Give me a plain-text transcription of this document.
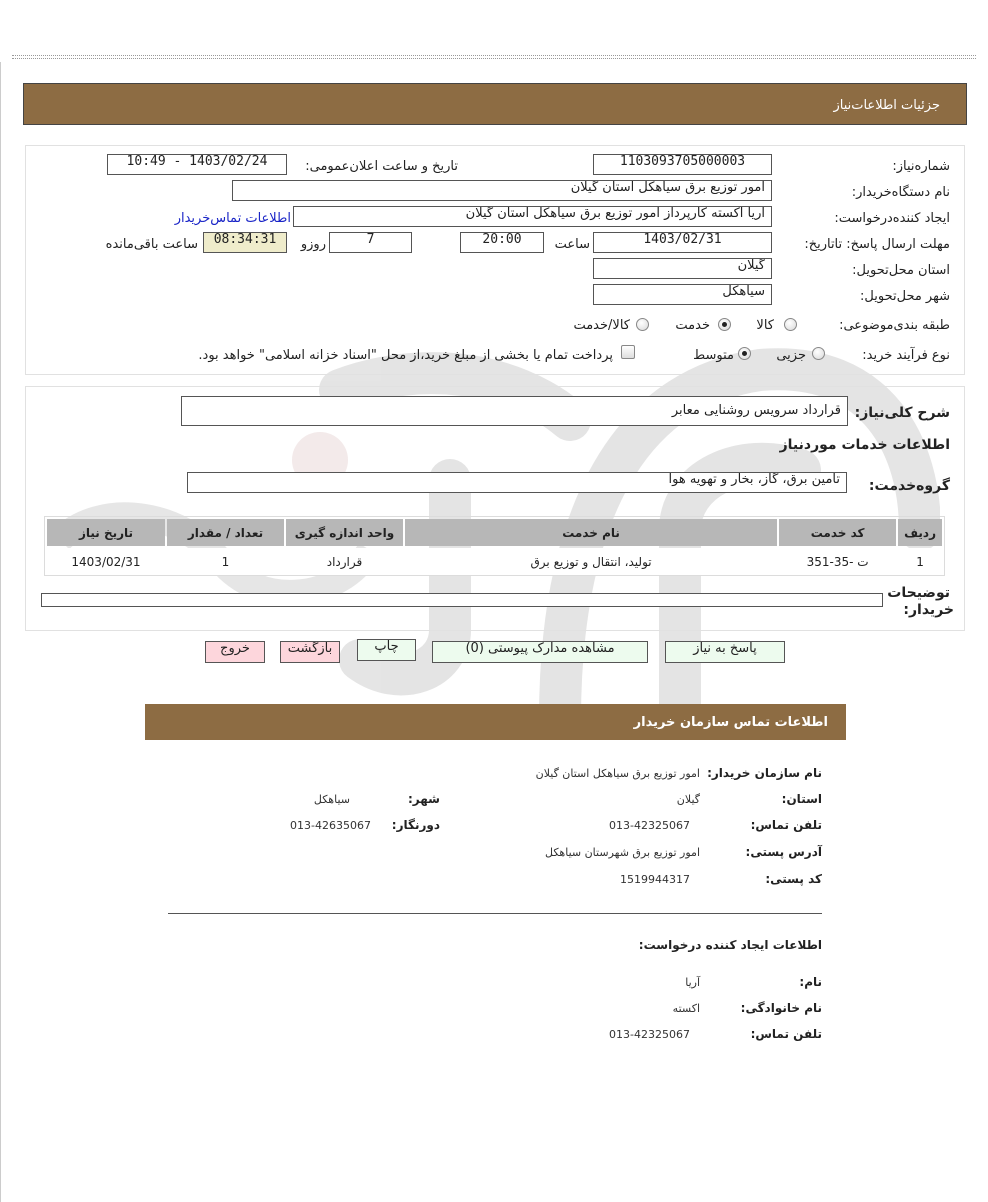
جزئیات اطلاعات‌نیاز
شماره‌نیاز:
1103093705000003
تاریخ و ساعت اعلان‌عمومی:
1403/02/24 - 10:49
نام دستگاه‌خریدار:
امور توزیع برق سیاهکل استان گیلان
ایجاد کننده‌درخواست:
آریا اکسته کارپرداز امور توزیع برق سیاهکل استان گیلان
اطلاعات تماس‌خریدار
مهلت ارسال پاسخ: تاتاریخ:
1403/02/31
ساعت
20:00
7
روزو
08:34:31
ساعت باقی‌مانده
استان محل‌تحویل:
گیلان
شهر محل‌تحویل:
سیاهکل
طبقه بندی‌موضوعی:
کالا
خدمت
کالا/خدمت
نوع فرآیند خرید:
جزیی
متوسط
پرداخت تمام یا بخشی از مبلغ خرید،از محل "اسناد خزانه اسلامی" خواهد بود.
شرح کلی‌نیاز:
قرارداد سرویس روشنایی معابر
اطلاعات خدمات مورد‌نیاز
گروه‌خدمت:
تامین برق، گاز، بخار و تهویه هوا
ردیف	کد خدمت	نام خدمت	واحد اندازه گیری	تعداد / مقدار	تاریخ نیاز
1	ت -35-351	تولید، انتقال و توزیع برق	قرارداد	1	1403/02/31
توضیحات
خریدار:
پاسخ به نیاز
مشاهده مدارک پیوستی (0)
چاپ
بازگشت
خروج
اطلاعات تماس سازمان خریدار
نام سازمان خریدار:
امور توزیع برق سیاهکل استان گیلان
استان:
گیلان
شهر:
سیاهکل
تلفن تماس:
013-42325067
دورنگار:
013-42635067
آدرس پستی:
امور توزیع برق شهرستان سیاهکل
کد پستی:
1519944317
اطلاعات ایجاد کننده درخواست:
نام:
آریا
نام خانوادگی:
اکسته
تلفن تماس:
013-42325067
